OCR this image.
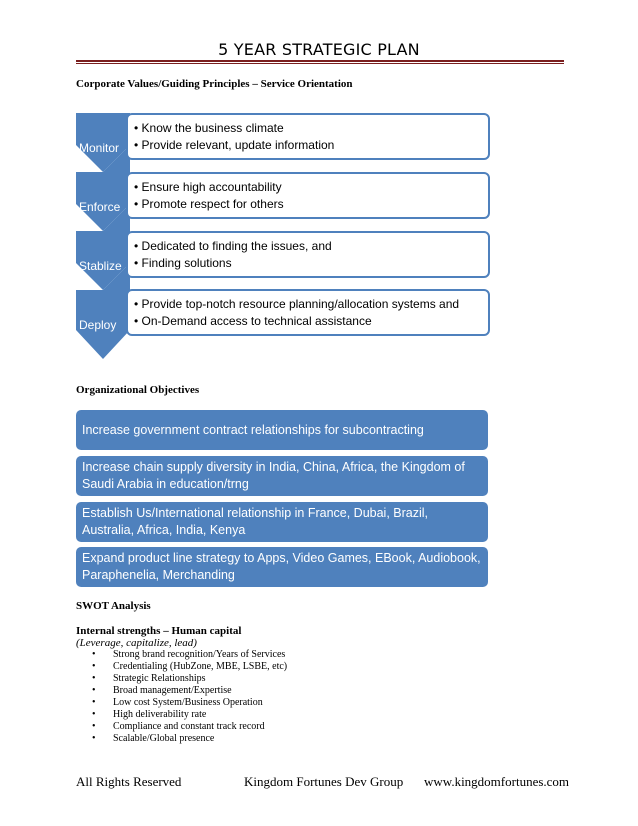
5 YEAR STRATEGIC PLAN
Corporate Values/Guiding Principles – Service Orientation
Monitor
Enforce
Stablize
Deploy
• Know the business climate
• Provide relevant, update information
• Ensure high accountability
• Promote respect for others
• Dedicated to finding the issues, and
• Finding solutions
• Provide top-notch resource planning/allocation systems and
• On-Demand access to technical assistance
Organizational Objectives
Increase government contract relationships for subcontracting
Increase chain supply diversity in India, China, Africa, the Kingdom of Saudi Arabia in education/trng
Establish Us/International relationship in France, Dubai, Brazil, Australia, Africa, India, Kenya
Expand product line strategy to Apps, Video Games, EBook, Audiobook, Paraphenelia, Merchanding
SWOT Analysis
Internal strengths – Human capital
(Leverage, capitalize, lead)
• Strong brand recognition/Years of Services
• Credentialing (HubZone, MBE, LSBE, etc)
• Strategic Relationships
• Broad management/Expertise
• Low cost System/Business Operation
• High deliverability rate
• Compliance and constant track record
• Scalable/Global presence
All Rights Reserved	Kingdom Fortunes Dev Group www.kingdomfortunes.com
